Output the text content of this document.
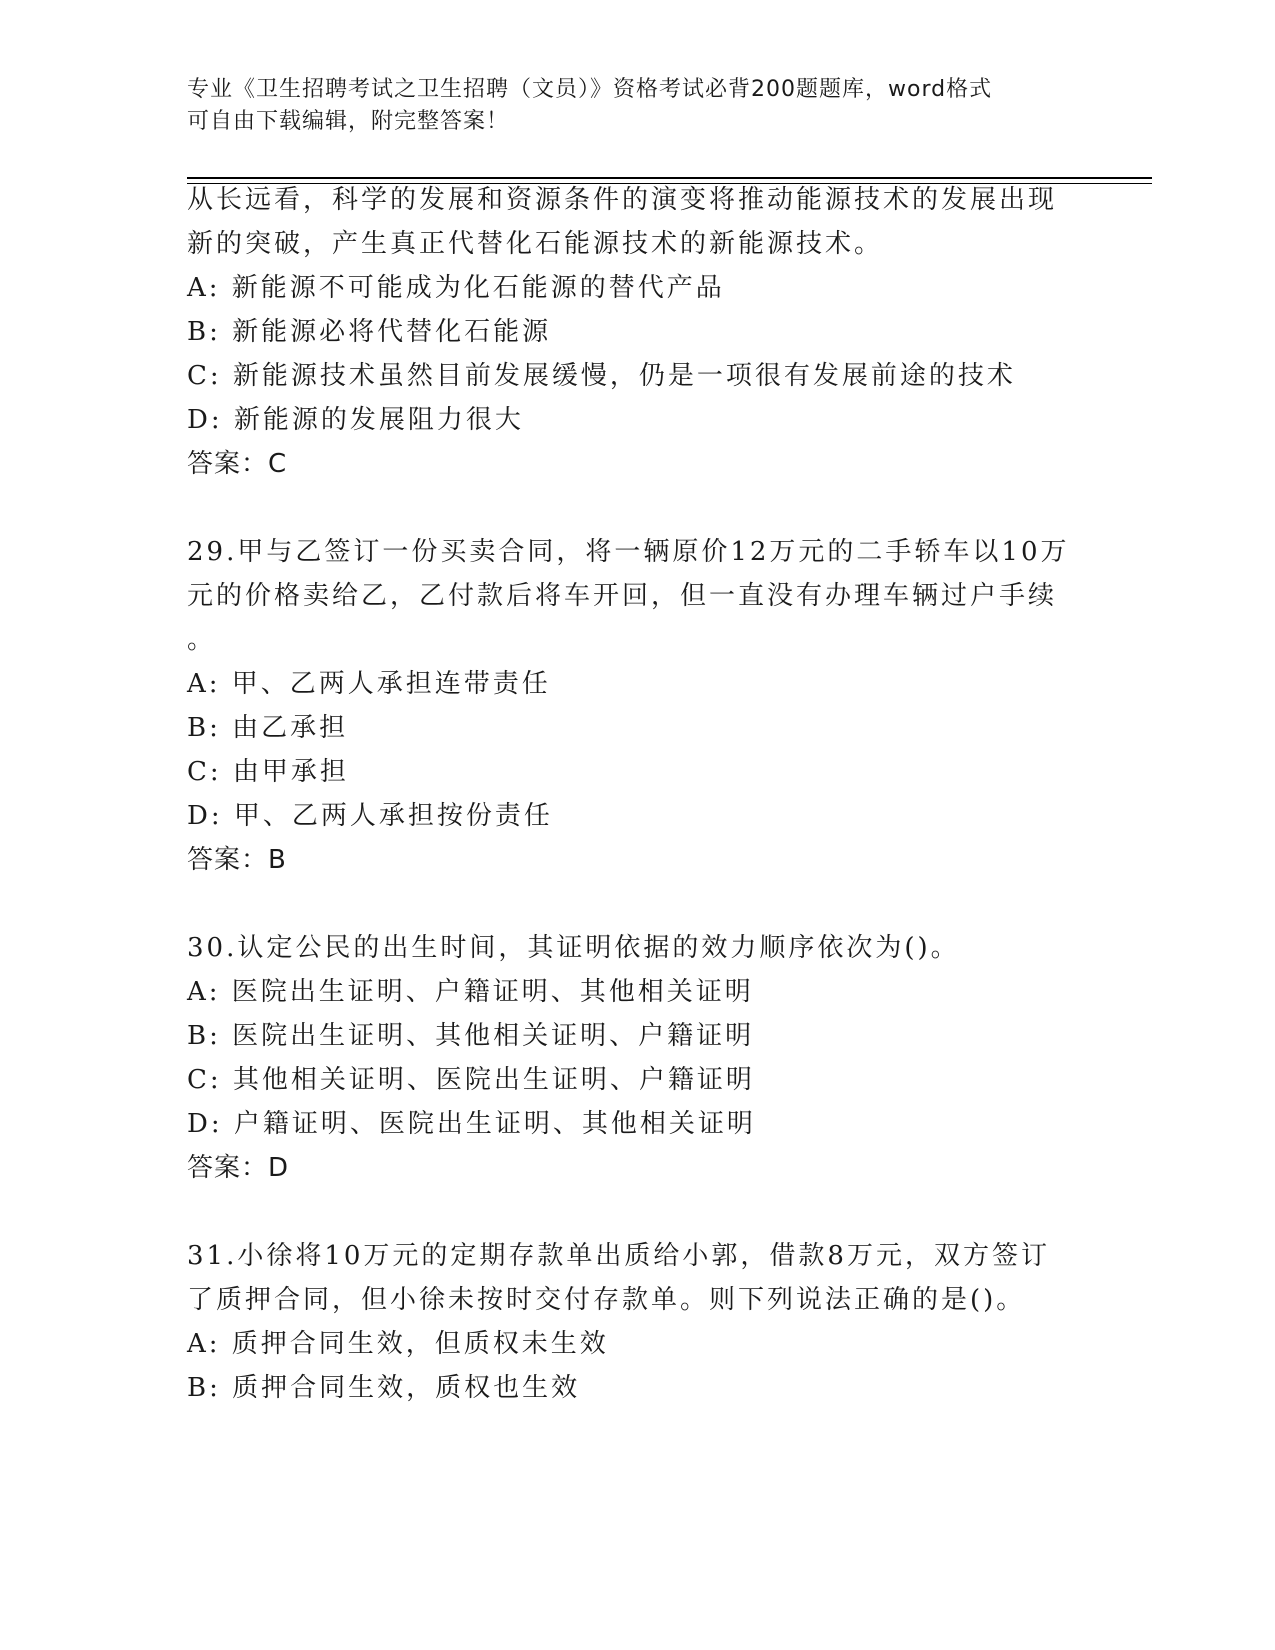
专业《卫生招聘考试之卫生招聘（文员）》资格考试必背200题题库，word格式
可自由下载编辑，附完整答案！
从长远看，科学的发展和资源条件的演变将推动能源技术的发展出现
新的突破，产生真正代替化石能源技术的新能源技术。
A: 新能源不可能成为化石能源的替代产品
B: 新能源必将代替化石能源
C: 新能源技术虽然目前发展缓慢，仍是一项很有发展前途的技术
D: 新能源的发展阻力很大
答案：C
29.甲与乙签订一份买卖合同，将一辆原价12万元的二手轿车以10万
元的价格卖给乙，乙付款后将车开回，但一直没有办理车辆过户手续
。
A: 甲、乙两人承担连带责任
B: 由乙承担
C: 由甲承担
D: 甲、乙两人承担按份责任
答案：B
30.认定公民的出生时间，其证明依据的效力顺序依次为()。
A: 医院出生证明、户籍证明、其他相关证明
B: 医院出生证明、其他相关证明、户籍证明
C: 其他相关证明、医院出生证明、户籍证明
D: 户籍证明、医院出生证明、其他相关证明
答案：D
31.小徐将10万元的定期存款单出质给小郭，借款8万元，双方签订
了质押合同，但小徐未按时交付存款单。则下列说法正确的是()。
A: 质押合同生效，但质权未生效
B: 质押合同生效，质权也生效
